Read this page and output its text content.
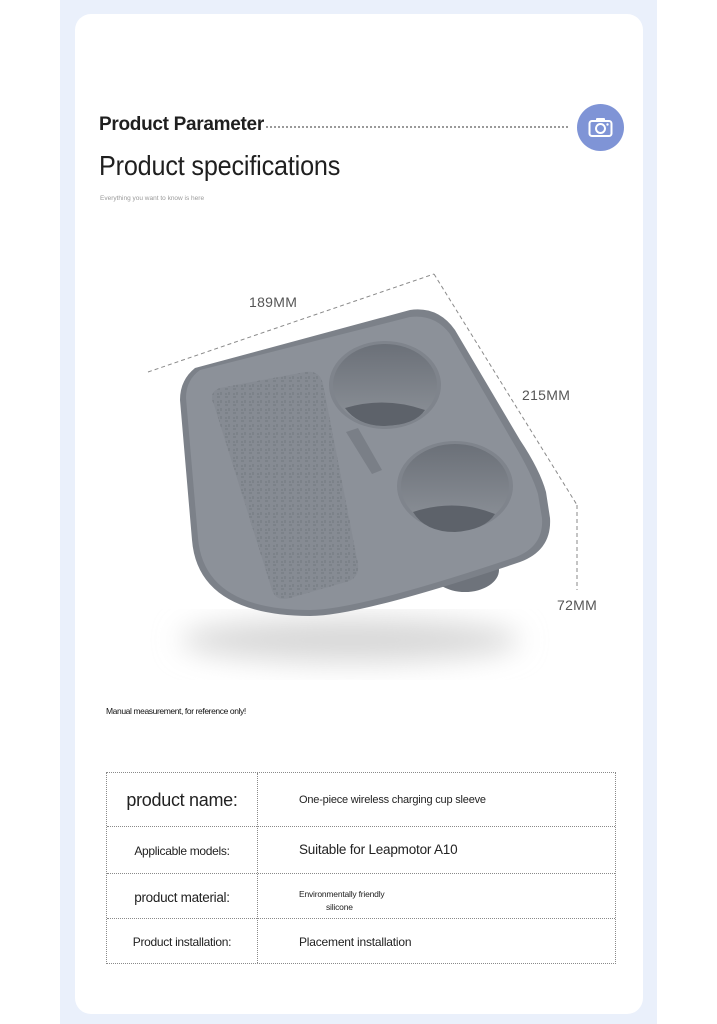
Product Parameter
Product specifications
Everything you want to know is here
189MM
215MM
72MM
Manual measurement, for reference only!
product name:	One-piece wireless charging cup sleeve
Applicable models:	Suitable for Leapmotor A10
product material:	Environmentally friendly
silicone
Product installation:	Placement installation
